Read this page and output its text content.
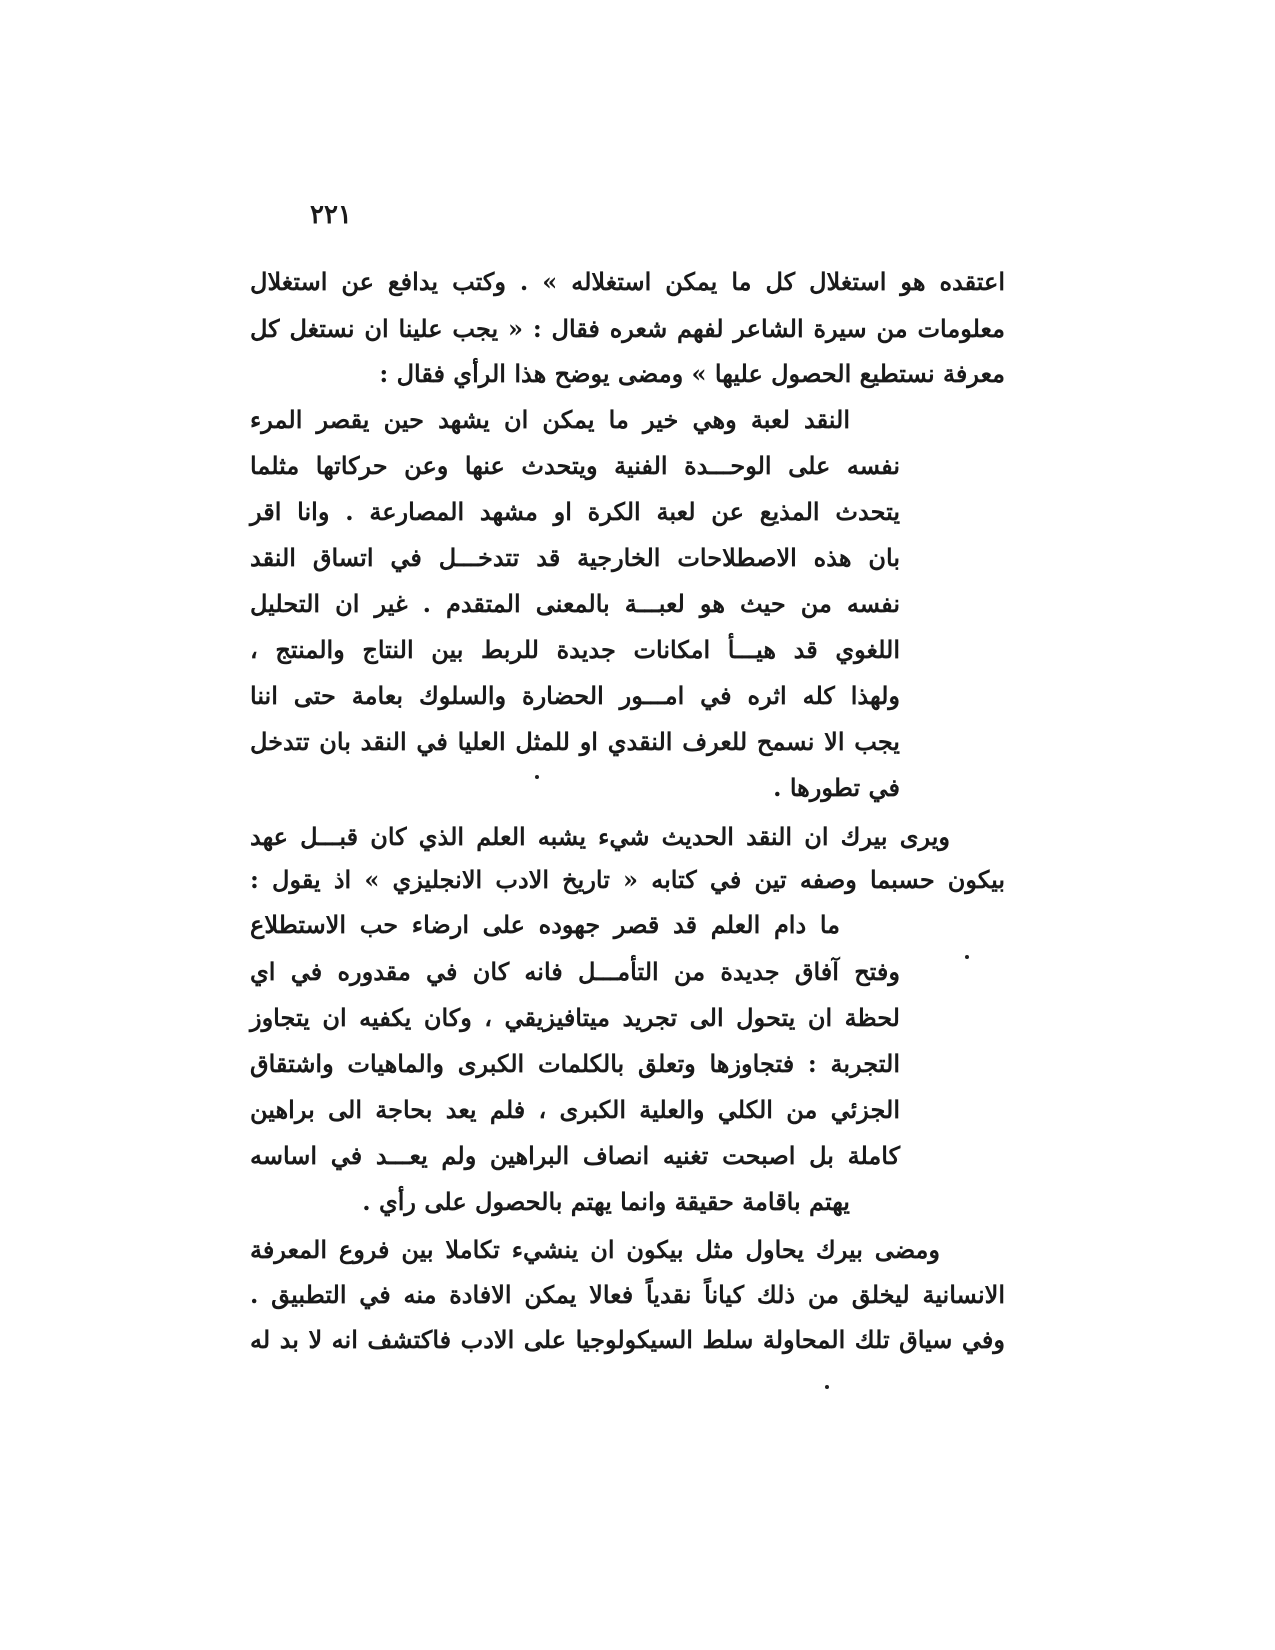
٢٢١
اعتقده هو استغلال كل ما يمكن استغلاله » . وكتب يدافع عن استغلال
معلومات من سيرة الشاعر لفهم شعره فقال : « يجب علينا ان نستغل كل
معرفة نستطيع الحصول عليها » ومضى يوضح هذا الرأي فقال :
النقد لعبة وهي خير ما يمكن ان يشهد حين يقصر المرء
نفسه على الوحـــدة الفنية ويتحدث عنها وعن حركاتها مثلما
يتحدث المذيع عن لعبة الكرة او مشهد المصارعة . وانا اقر
بان هذه الاصطلاحات الخارجية قد تتدخـــل في اتساق النقد
نفسه من حيث هو لعبـــة بالمعنى المتقدم . غير ان التحليل
اللغوي قد هيـــأ امكانات جديدة للربط بين النتاج والمنتج ،
ولهذا كله اثره في امـــور الحضارة والسلوك بعامة حتى اننا
يجب الا نسمح للعرف النقدي او للمثل العليا في النقد بان تتدخل
في تطورها .
ويرى بيرك ان النقد الحديث شيء يشبه العلم الذي كان قبـــل عهد
بيكون حسبما وصفه تين في كتابه « تاريخ الادب الانجليزي » اذ يقول :
ما دام العلم قد قصر جهوده على ارضاء حب الاستطلاع
وفتح آفاق جديدة من التأمـــل فانه كان في مقدوره في اي
لحظة ان يتحول الى تجريد ميتافيزيقي ، وكان يكفيه ان يتجاوز
التجربة : فتجاوزها وتعلق بالكلمات الكبرى والماهيات واشتقاق
الجزئي من الكلي والعلية الكبرى ، فلم يعد بحاجة الى براهين
كاملة بل اصبحت تغنيه انصاف البراهين ولم يعـــد في اساسه
يهتم باقامة حقيقة وانما يهتم بالحصول على رأي .
ومضى بيرك يحاول مثل بيكون ان ينشيء تكاملا بين فروع المعرفة
الانسانية ليخلق من ذلك كياناً نقدياً فعالا يمكن الافادة منه في التطبيق .
وفي سياق تلك المحاولة سلط السيكولوجيا على الادب فاكتشف انه لا بد له
